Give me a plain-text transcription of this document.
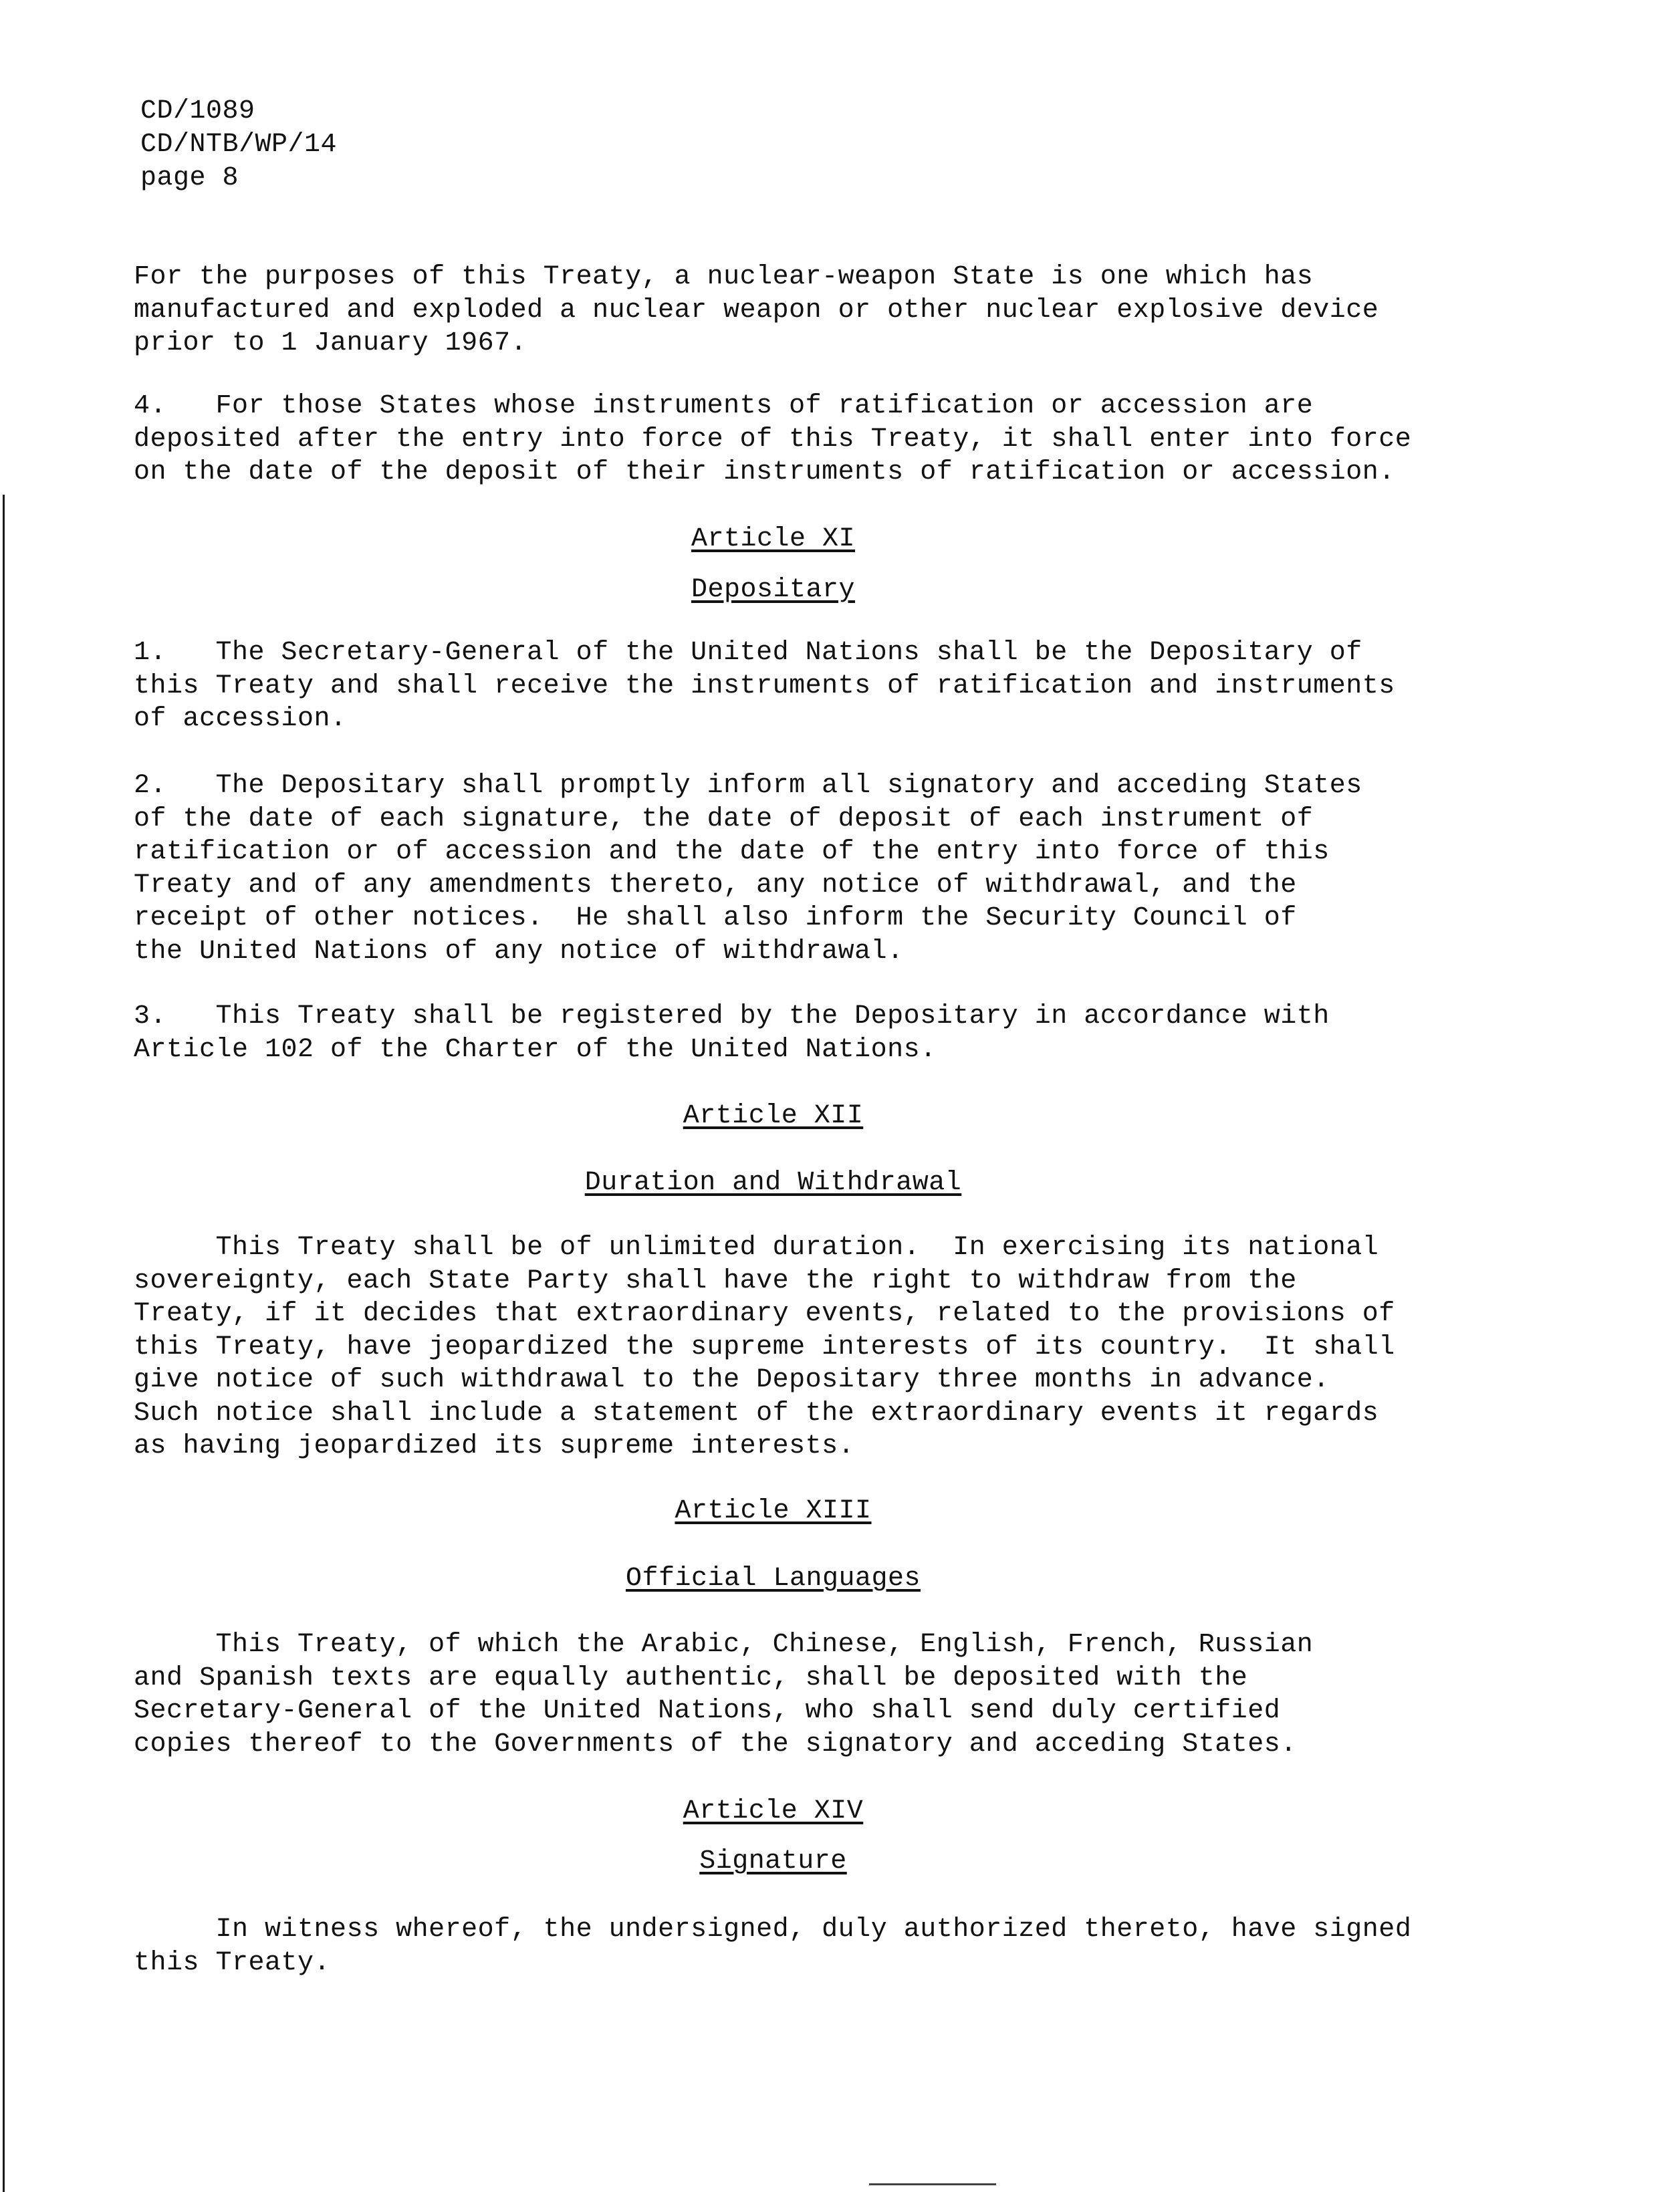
CD/1089
CD/NTB/WP/14
page 8

For the purposes of this Treaty, a nuclear-weapon State is one which has

manufactured and exploded a nuclear weapon or other nuclear explosive device

prior to 1 January 1967.

4.   For those States whose instruments of ratification or accession are

deposited after the entry into force of this Treaty, it shall enter into force

on the date of the deposit of their instruments of ratification or accession.

Article XI
Depositary

1.   The Secretary-General of the United Nations shall be the Depositary of

this Treaty and shall receive the instruments of ratification and instruments

of accession.

2.   The Depositary shall promptly inform all signatory and acceding States

of the date of each signature, the date of deposit of each instrument of

ratification or of accession and the date of the entry into force of this

Treaty and of any amendments thereto, any notice of withdrawal, and the

receipt of other notices.  He shall also inform the Security Council of

the United Nations of any notice of withdrawal.

3.   This Treaty shall be registered by the Depositary in accordance with

Article 102 of the Charter of the United Nations.

Article XII
Duration and Withdrawal

This Treaty shall be of unlimited duration.  In exercising its national

sovereignty, each State Party shall have the right to withdraw from the

Treaty, if it decides that extraordinary events, related to the provisions of

this Treaty, have jeopardized the supreme interests of its country.  It shall

give notice of such withdrawal to the Depositary three months in advance.

Such notice shall include a statement of the extraordinary events it regards

as having jeopardized its supreme interests.

Article XIII
Official Languages

This Treaty, of which the Arabic, Chinese, English, French, Russian

and Spanish texts are equally authentic, shall be deposited with the

Secretary-General of the United Nations, who shall send duly certified

copies thereof to the Governments of the signatory and acceding States.

Article XIV
Signature

In witness whereof, the undersigned, duly authorized thereto, have signed

this Treaty.
